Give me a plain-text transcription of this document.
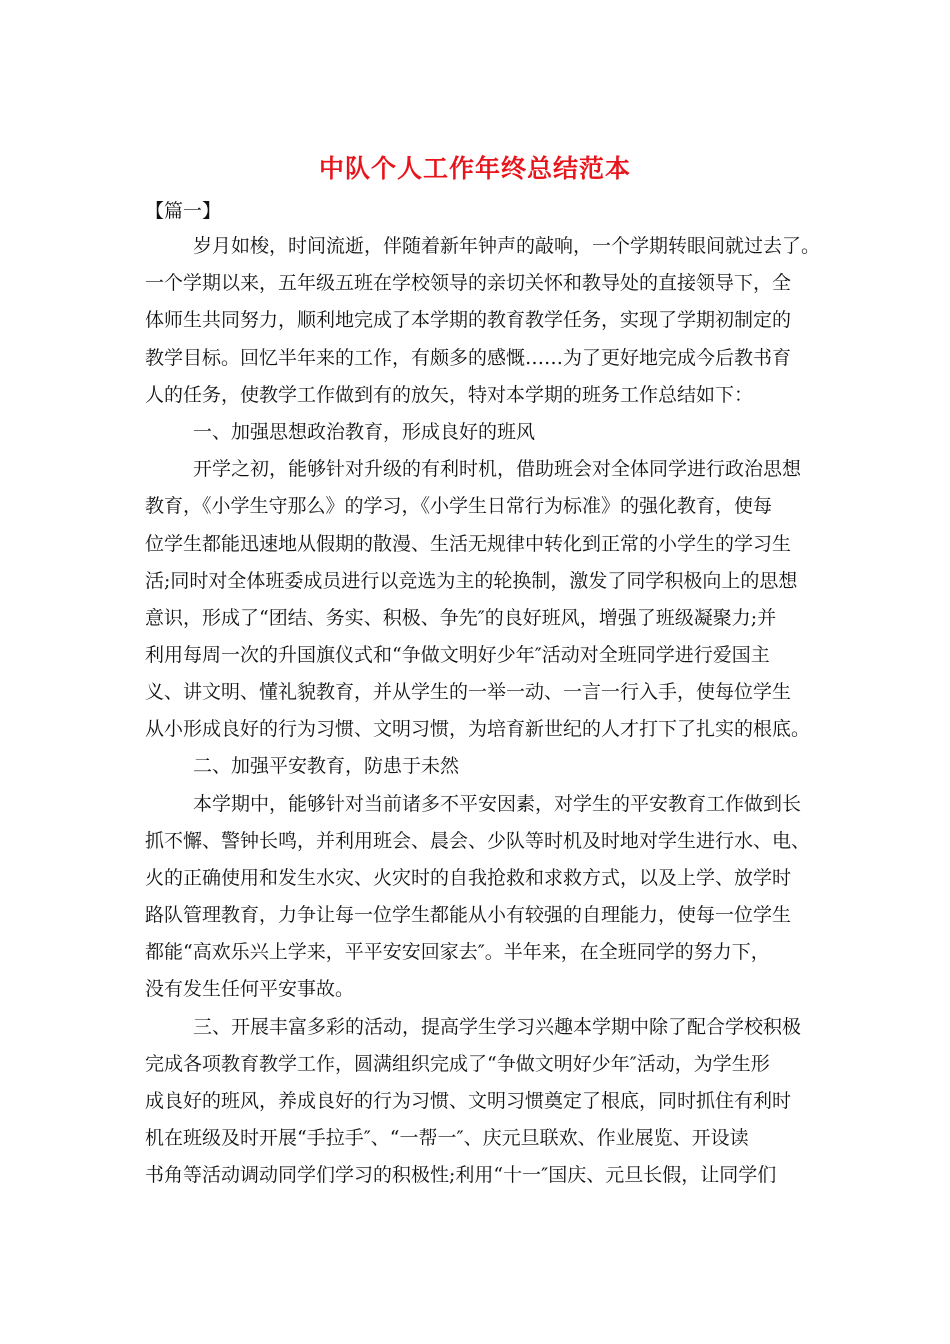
中队个人工作年终总结范本
【篇一】
岁月如梭，时间流逝，伴随着新年钟声的敲响，一个学期转眼间就过去了。
一个学期以来，五年级五班在学校领导的亲切关怀和教导处的直接领导下，全
体师生共同努力，顺利地完成了本学期的教育教学任务，实现了学期初制定的
教学目标。回忆半年来的工作，有颇多的感慨……为了更好地完成今后教书育
人的任务，使教学工作做到有的放矢，特对本学期的班务工作总结如下：
一、加强思想政治教育，形成良好的班风
开学之初，能够针对升级的有利时机，借助班会对全体同学进行政治思想
教育，《小学生守那么》的学习，《小学生日常行为标准》的强化教育，使每
位学生都能迅速地从假期的散漫、生活无规律中转化到正常的小学生的学习生
活;同时对全体班委成员进行以竞选为主的轮换制，激发了同学积极向上的思想
意识，形成了“团结、务实、积极、争先″的良好班风，增强了班级凝聚力;并
利用每周一次的升国旗仪式和“争做文明好少年″活动对全班同学进行爱国主
义、讲文明、懂礼貌教育，并从学生的一举一动、一言一行入手，使每位学生
从小形成良好的行为习惯、文明习惯，为培育新世纪的人才打下了扎实的根底。
二、加强平安教育，防患于未然
本学期中，能够针对当前诸多不平安因素，对学生的平安教育工作做到长
抓不懈、警钟长鸣，并利用班会、晨会、少队等时机及时地对学生进行水、电、
火的正确使用和发生水灾、火灾时的自我抢救和求救方式，以及上学、放学时
路队管理教育，力争让每一位学生都能从小有较强的自理能力，使每一位学生
都能“高欢乐兴上学来，平平安安回家去″。半年来，在全班同学的努力下，
没有发生任何平安事故。
三、开展丰富多彩的活动，提高学生学习兴趣本学期中除了配合学校积极
完成各项教育教学工作，圆满组织完成了“争做文明好少年″活动，为学生形
成良好的班风，养成良好的行为习惯、文明习惯奠定了根底，同时抓住有利时
机在班级及时开展“手拉手″、“一帮一″、庆元旦联欢、作业展览、开设读
书角等活动调动同学们学习的积极性;利用“十一″国庆、元旦长假，让同学们
